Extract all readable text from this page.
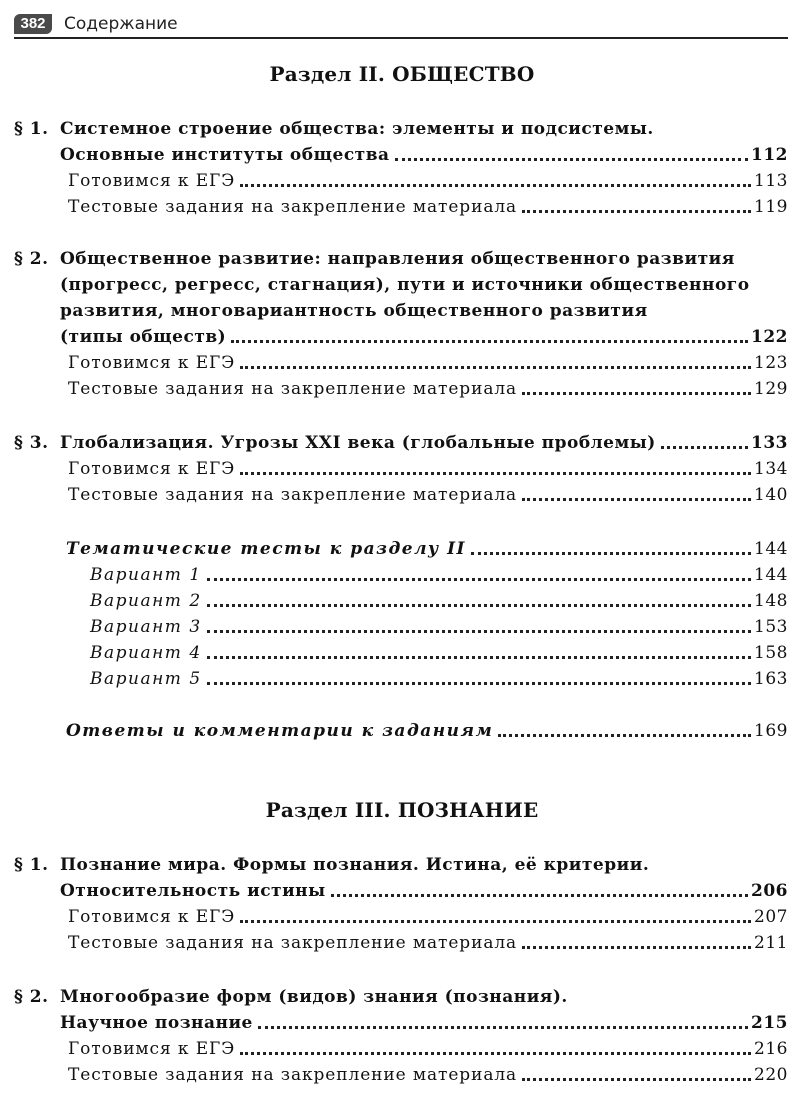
382	Содержание
Раздел II. ОБЩЕСТВО
§ 1. Системное строение общества: элементы и подсистемы.
Основные институты общества	112
Готовимся к ЕГЭ	113
Тестовые задания на закрепление материала	119
§ 2. Общественное развитие: направления общественного развития
(прогресс, регресс, стагнация), пути и источники общественного
развития, многовариантность общественного развития
(типы обществ)	122
Готовимся к ЕГЭ	123
Тестовые задания на закрепление материала	129
§ 3. Глобализация. Угрозы XXI века (глобальные проблемы)	133
Готовимся к ЕГЭ	134
Тестовые задания на закрепление материала	140
Тематические тесты к разделу II	144
Вариант 1	144
Вариант 2	148
Вариант 3	153
Вариант 4	158
Вариант 5	163
Ответы и комментарии к заданиям	169
Раздел III. ПОЗНАНИЕ
§ 1. Познание мира. Формы познания. Истина, её критерии.
Относительность истины	206
Готовимся к ЕГЭ	207
Тестовые задания на закрепление материала	211
§ 2. Многообразие форм (видов) знания (познания).
Научное познание	215
Готовимся к ЕГЭ	216
Тестовые задания на закрепление материала	220
